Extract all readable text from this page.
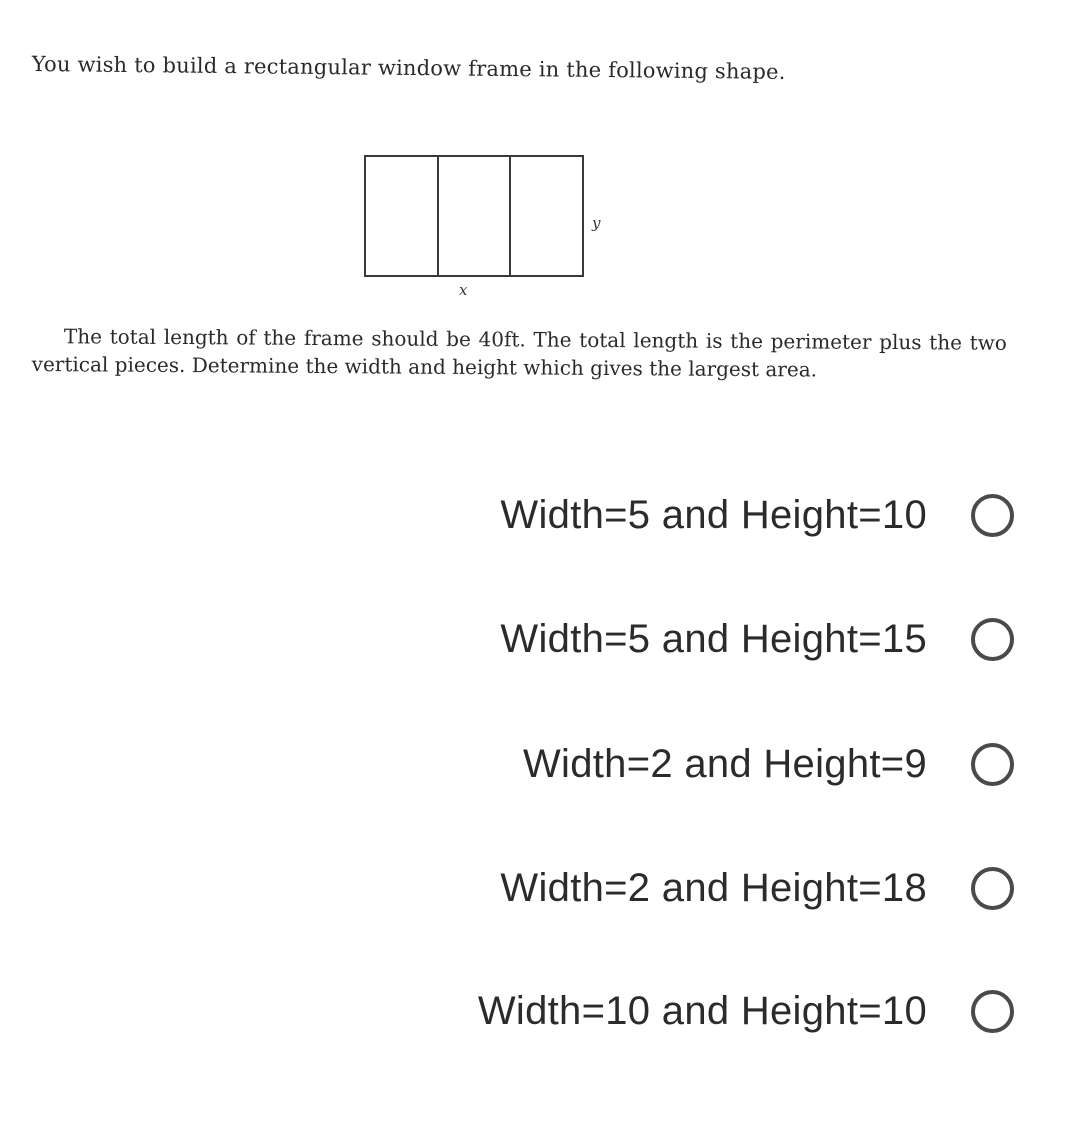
You wish to build a rectangular window frame in the following shape.
x
y
The total length of the frame should be 40ft. The total length is the perimeter plus the two vertical pieces. Determine the width and height which gives the largest area.
Width=5 and Height=10
Width=5 and Height=15
Width=2 and Height=9
Width=2 and Height=18
Width=10 and Height=10
